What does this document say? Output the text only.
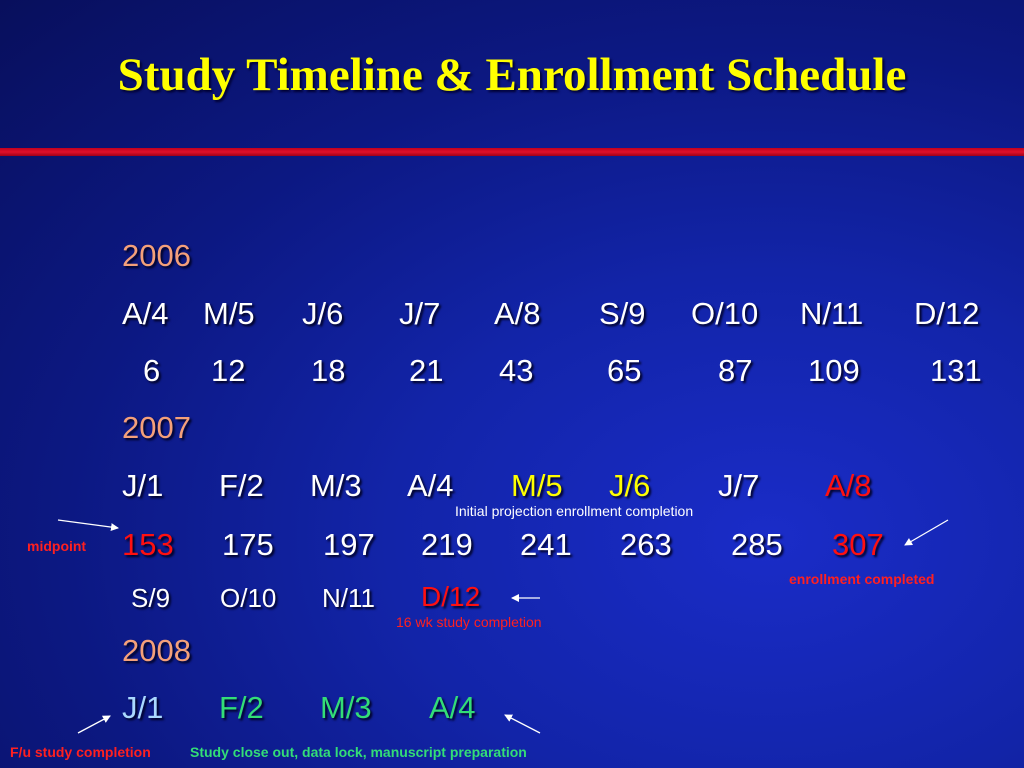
Study Timeline & Enrollment Schedule
2006
A/4 M/5 J/6 J/7 A/8 S/9 O/10 N/11 D/12
6 12 18 21 43 65 87 109 131
2007
J/1 F/2 M/3 A/4 M/5 J/6 J/7 A/8
Initial projection enrollment completion
153 175 197 219 241 263 285 307
midpoint
enrollment completed
S/9 O/10 N/11 D/12
16 wk study completion
2008
J/1 F/2 M/3 A/4
F/u study completion	Study close out, data lock, manuscript preparation
